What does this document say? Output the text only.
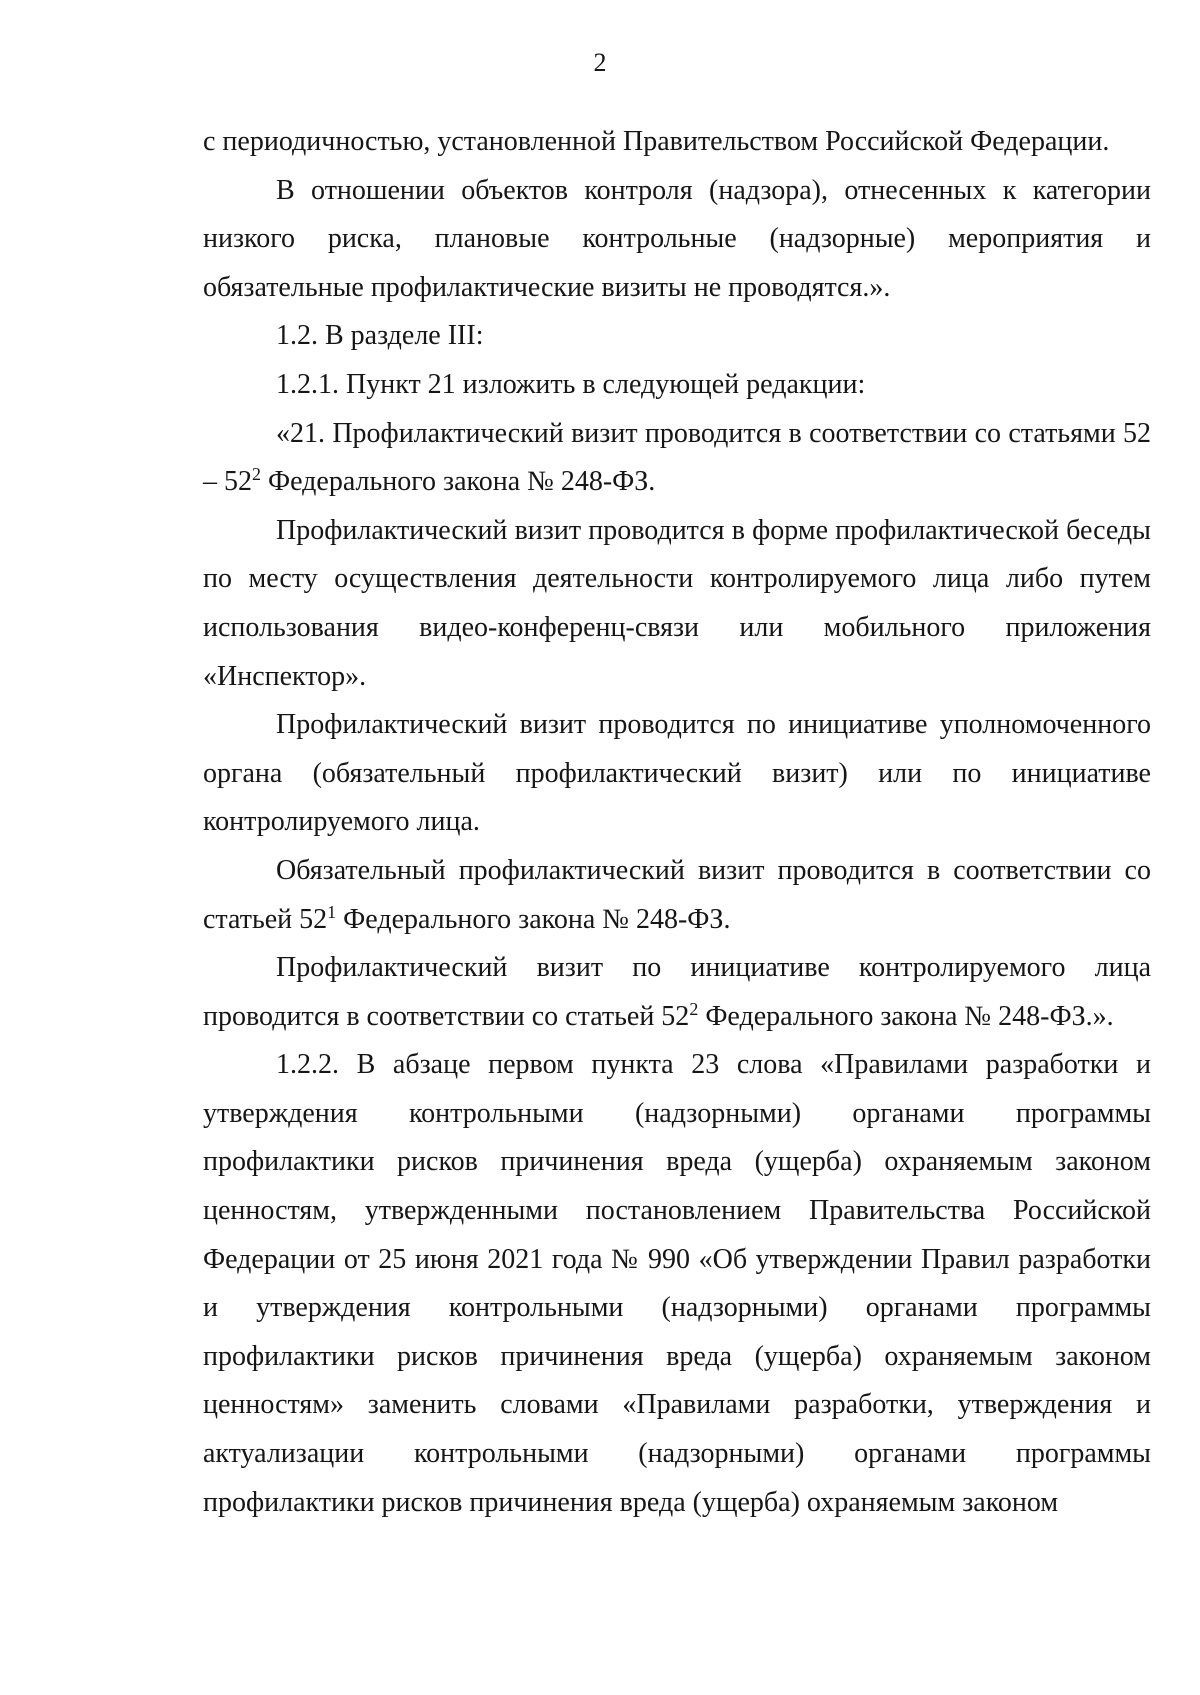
2

с периодичностью, установленной Правительством Российской Федерации.

В отношении объектов контроля (надзора), отнесенных к категории низкого риска, плановые контрольные (надзорные) мероприятия и обязательные профилактические визиты не проводятся.».

1.2. В разделе III:

1.2.1. Пункт 21 изложить в следующей редакции:

«21. Профилактический визит проводится в соответствии со статьями $52 - 52^2$ Федерального закона № 248-ФЗ.

Профилактический визит проводится в форме профилактической беседы по месту осуществления деятельности контролируемого лица либо путем использования видео-конференц-связи или мобильного приложения «Инспектор».

Профилактический визит проводится по инициативе уполномоченного органа (обязательный профилактический визит) или по инициативе контролируемого лица.

Обязательный профилактический визит проводится в соответствии со статьей $52^1$ Федерального закона № 248-ФЗ.

Профилактический визит по инициативе контролируемого лица проводится в соответствии со статьей $52^2$ Федерального закона № 248-ФЗ.».

1.2.2. В абзаце первом пункта 23 слова «Правилами разработки и утверждения контрольными (надзорными) органами программы профилактики рисков причинения вреда (ущерба) охраняемым законом ценностям, утвержденными постановлением Правительства Российской Федерации от 25 июня 2021 года № 990 «Об утверждении Правил разработки и утверждения контрольными (надзорными) органами программы профилактики рисков причинения вреда (ущерба) охраняемым законом ценностям» заменить словами «Правилами разработки, утверждения и актуализации контрольными (надзорными) органами программы профилактики рисков причинения вреда (ущерба) охраняемым законом
